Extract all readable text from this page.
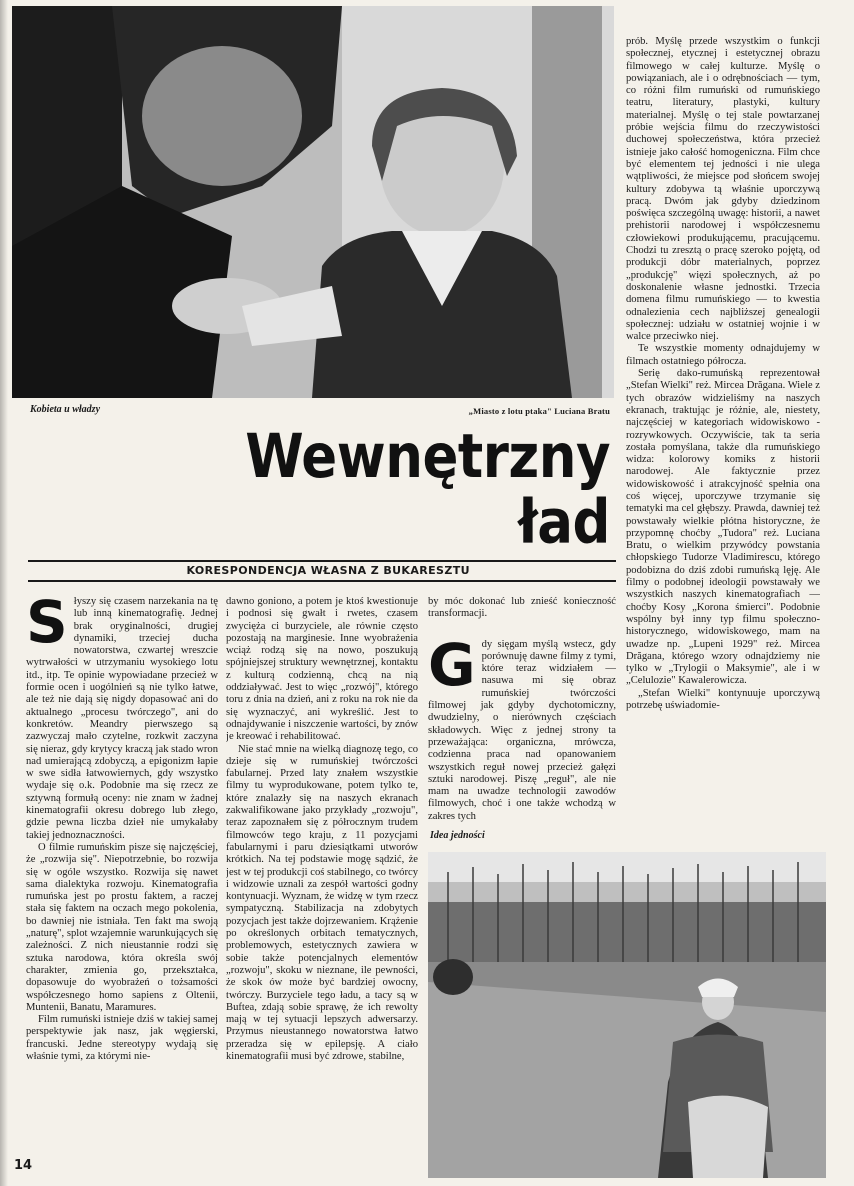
Kobieta u władzy	„Miasto z lotu ptaka" Luciana Bratu
Wewnętrzny
ład
KORESPONDENCJA WŁASNA Z BUKARESZTU
S łyszy się czasem narzekania na tę lub inną kinematografię. Jednej brak oryginalności, drugiej dynamiki, trzeciej ducha nowatorstwa, czwartej wreszcie wytrwałości w utrzymaniu wysokiego lotu itd., itp. Te opinie wypowiadane przecież w formie ocen i uogólnień są nie tylko łatwe, ale też nie dają się nigdy dopasować ani do aktualnego „procesu twórczego", ani do konkretów. Meandry pierwszego są zazwyczaj mało czytelne, rozkwit zaczyna się nieraz, gdy krytycy kraczą jak stado wron nad umierającą zdobyczą, a epigonizm łapie w swe sidła łatwowiernych, gdy wszystko wydaje się o.k. Podobnie ma się rzecz ze sztywną formułą oceny: nie znam w żadnej kinematografii okresu dobrego lub złego, gdzie pewna liczba dzieł nie umykałaby takiej jednoznaczności.

O filmie rumuńskim pisze się najczęściej, że „rozwija się". Niepotrzebnie, bo rozwija się w ogóle wszystko. Rozwija się nawet sama dialektyka rozwoju. Kinematografia rumuńska jest po prostu faktem, a raczej stała się faktem na oczach mego pokolenia, bo dawniej nie istniała. Ten fakt ma swoją „naturę", splot wzajemnie warunkujących się zależności. Z nich nieustannie rodzi się sztuka narodowa, która określa swój charakter, zmienia go, przekształca, dopasowuje do wyobrażeń o tożsamości współczesnego homo sapiens z Oltenii, Muntenii, Banatu, Maramures.

Film rumuński istnieje dziś w takiej samej perspektywie jak nasz, jak węgierski, francuski. Jedne stereotypy wydają się właśnie tymi, za którymi nie-

dawno goniono, a potem je ktoś kwestionuje i podnosi się gwałt i rwetes, czasem zwycięża ci burzyciele, ale równie często pozostają na marginesie. Inne wyobrażenia wciąż rodzą się na nowo, poszukują spójniejszej struktury wewnętrznej, kontaktu z kulturą codzienną, chcą na nią oddziaływać. Jest to więc „rozwój", którego toru z dnia na dzień, ani z roku na rok nie da się wyznaczyć, ani wykreślić. Jest to odnajdywanie i niszczenie wartości, by znów je kreować i rehabilitować.

Nie stać mnie na wielką diagnozę tego, co dzieje się w rumuńskiej twórczości fabularnej. Przed laty znałem wszystkie filmy tu wyprodukowane, potem tylko te, które znalazły się na naszych ekranach zakwalifikowane jako przykłady „rozwoju", teraz zapoznałem się z półrocznym trudem filmowców tego kraju, z 11 pozycjami fabularnymi i paru dziesiątkami utworów krótkich. Na tej podstawie mogę sądzić, że jest w tej produkcji coś stabilnego, co twórcy i widzowie uznali za zespół wartości godny kontynuacji. Wyznam, że widzę w tym rzecz sympatyczną. Stabilizacja na zdobytych pozycjach jest także dojrzewaniem. Krążenie po określonych orbitach tematycznych, problemowych, estetycznych zawiera w sobie także potencjalnych elementów „rozwoju", skoku w nieznane, ile pewności, że skok ów może być bardziej owocny, twórczy. Burzyciele tego ładu, a tacy są w Buftea, zdają sobie sprawę, że ich rewolty mają w tej sytuacji lepszych adwersarzy. Przymus nieustannego nowatorstwa łatwo przeradza się w epilepsję. A ciało kinematografii musi być zdrowe, stabilne,

by móc dokonać lub znieść konieczność transformacji.

G dy sięgam myślą wstecz, gdy porównuję dawne filmy z tymi, które teraz widziałem — nasuwa mi się obraz rumuńskiej twórczości filmowej jak gdyby dychotomiczny, dwudzielny, o nierównych częściach składowych. Więc z jednej strony ta przeważająca: organiczna, mrówcza, codzienna praca nad opanowaniem wszystkich reguł nowej przecież gałęzi sztuki narodowej. Piszę „reguł", ale nie mam na uwadze technologii zawodów filmowych, choć i one także wchodzą w zakres tych

prób. Myślę przede wszystkim o funkcji społecznej, etycznej i estetycznej obrazu filmowego w całej kulturze. Myślę o powiązaniach, ale i o odrębnościach — tym, co różni film rumuński od rumuńskiego teatru, literatury, plastyki, kultury materialnej. Myślę o tej stale powtarzanej próbie wejścia filmu do rzeczywistości duchowej społeczeństwa, która przecież istnieje jako całość homogeniczna. Film chce być elementem tej jedności i nie ulega wątpliwości, że miejsce pod słońcem swojej kultury zdobywa tą właśnie uporczywą pracą. Dwóm jak gdyby dziedzinom poświęca szczególną uwagę: historii, a nawet prehistorii narodowej i współczesnemu człowiekowi produkującemu, pracującemu. Chodzi tu zresztą o pracę szeroko pojętą, od produkcji dóbr materialnych, poprzez „produkcję" więzi społecznych, aż po doskonalenie własne jednostki. Trzecia domena filmu rumuńskiego — to kwestia odnalezienia cech najbliższej genealogii społecznej: udziału w ostatniej wojnie i w walce przeciwko niej.

Te wszystkie momenty odnajdujemy w filmach ostatniego półrocza.

Serię dako-rumuńską reprezentował „Stefan Wielki" reż. Mircea Drăgana. Wiele z tych obrazów widzieliśmy na naszych ekranach, traktując je różnie, ale, niestety, najczęściej w kategoriach widowiskowo - rozrywkowych. Oczywiście, tak ta seria została pomyślana, także dla rumuńskiego widza: kolorowy komiks z historii narodowej. Ale faktycznie przez widowiskowość i atrakcyjność spełnia ona coś więcej, uporczywe trzymanie się tematyki ma cel głębszy. Prawda, dawniej też powstawały wielkie płótna historyczne, że przypomnę choćby „Tudora" reż. Luciana Bratu, o wielkim przywódcy powstania chłopskiego Tudorze Vladimirescu, którego podobizna do dziś zdobi rumuńską lęję. Ale filmy o podobnej ideologii powstawały we wszystkich naszych kinematografiach — choćby Kosy „Korona śmierci". Podobnie wspólny był inny typ filmu społeczno-historycznego, widowiskowego, mam na uwadze np. „Lupeni 1929" reż. Mircea Drăgana, którego wzory odnajdziemy nie tylko w „Trylogii o Maksymie", ale i w „Celulozie" Kawalerowicza.

„Stefan Wielki" kontynuuje uporczywą potrzebę uświadomie-

Idea jedności
14
